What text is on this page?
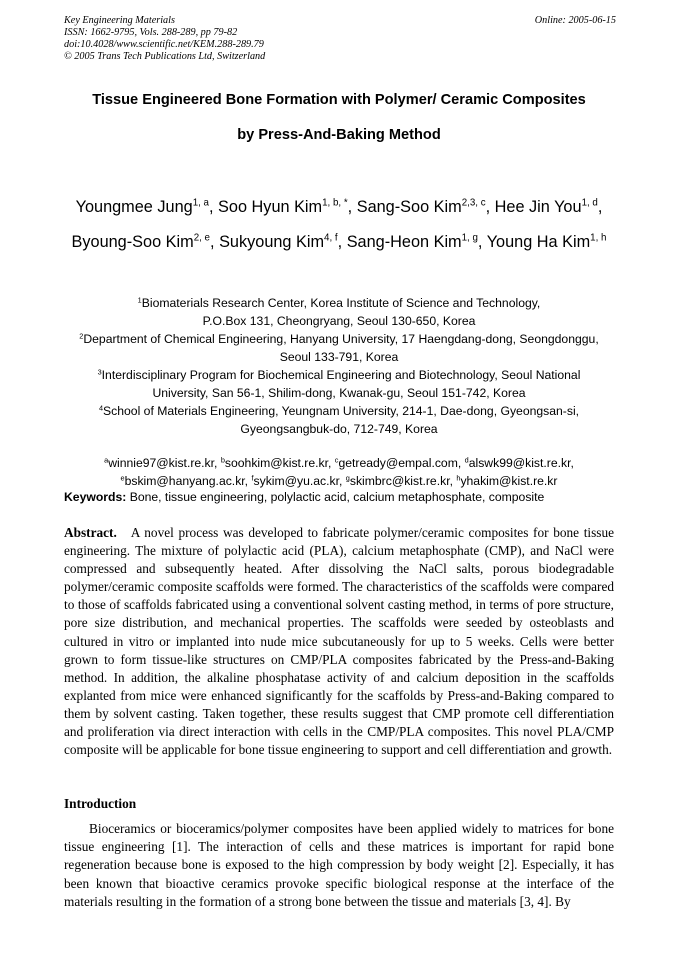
Key Engineering Materials
ISSN: 1662-9795, Vols. 288-289, pp 79-82
doi:10.4028/www.scientific.net/KEM.288-289.79
© 2005 Trans Tech Publications Ltd, Switzerland
Online: 2005-06-15
Tissue Engineered Bone Formation with Polymer/ Ceramic Composites
by Press-And-Baking Method
Youngmee Jung$^{1, a}$, Soo Hyun Kim$^{1, b, *}$, Sang-Soo Kim$^{2,3, c}$, Hee Jin You$^{1, d}$,
Byoung-Soo Kim$^{2, e}$, Sukyoung Kim$^{4, f}$, Sang-Heon Kim$^{1, g}$, Young Ha Kim$^{1, h}$
$^1$Biomaterials Research Center, Korea Institute of Science and Technology,
P.O.Box 131, Cheongryang, Seoul 130-650, Korea
$^2$Department of Chemical Engineering, Hanyang University, 17 Haengdang-dong, Seongdonggu,
Seoul 133-791, Korea
$^3$Interdisciplinary Program for Biochemical Engineering and Biotechnology, Seoul National
University, San 56-1, Shilim-dong, Kwanak-gu, Seoul 151-742, Korea
$^4$School of Materials Engineering, Yeungnam University, 214-1, Dae-dong, Gyeongsan-si,
Gyeongsangbuk-do, 712-749, Korea
$^a$winnie97@kist.re.kr, $^b$soohkim@kist.re.kr, $^c$getready@empal.com, $^d$alswk99@kist.re.kr,
$^e$bskim@hanyang.ac.kr, $^f$sykim@yu.ac.kr, $^g$skimbrc@kist.re.kr, $^h$yhakim@kist.re.kr
Keywords: Bone, tissue engineering, polylactic acid, calcium metaphosphate, composite
Abstract. A novel process was developed to fabricate polymer/ceramic composites for bone tissue engineering. The mixture of polylactic acid (PLA), calcium metaphosphate (CMP), and NaCl were compressed and subsequently heated. After dissolving the NaCl salts, porous biodegradable polymer/ceramic composite scaffolds were formed. The characteristics of the scaffolds were compared to those of scaffolds fabricated using a conventional solvent casting method, in terms of pore structure, pore size distribution, and mechanical properties. The scaffolds were seeded by osteoblasts and cultured in vitro or implanted into nude mice subcutaneously for up to 5 weeks. Cells were better grown to form tissue-like structures on CMP/PLA composites fabricated by the Press-and-Baking method. In addition, the alkaline phosphatase activity of and calcium deposition in the scaffolds explanted from mice were enhanced significantly for the scaffolds by Press-and-Baking compared to them by solvent casting. Taken together, these results suggest that CMP promote cell differentiation and proliferation via direct interaction with cells in the CMP/PLA composites. This novel PLA/CMP composite will be applicable for bone tissue engineering to support and cell differentiation and growth.
Introduction
Bioceramics or bioceramics/polymer composites have been applied widely to matrices for bone tissue engineering [1]. The interaction of cells and these matrices is important for rapid bone regeneration because bone is exposed to the high compression by body weight [2]. Especially, it has been known that bioactive ceramics provoke specific biological response at the interface of the materials resulting in the formation of a strong bone between the tissue and materials [3, 4]. By
